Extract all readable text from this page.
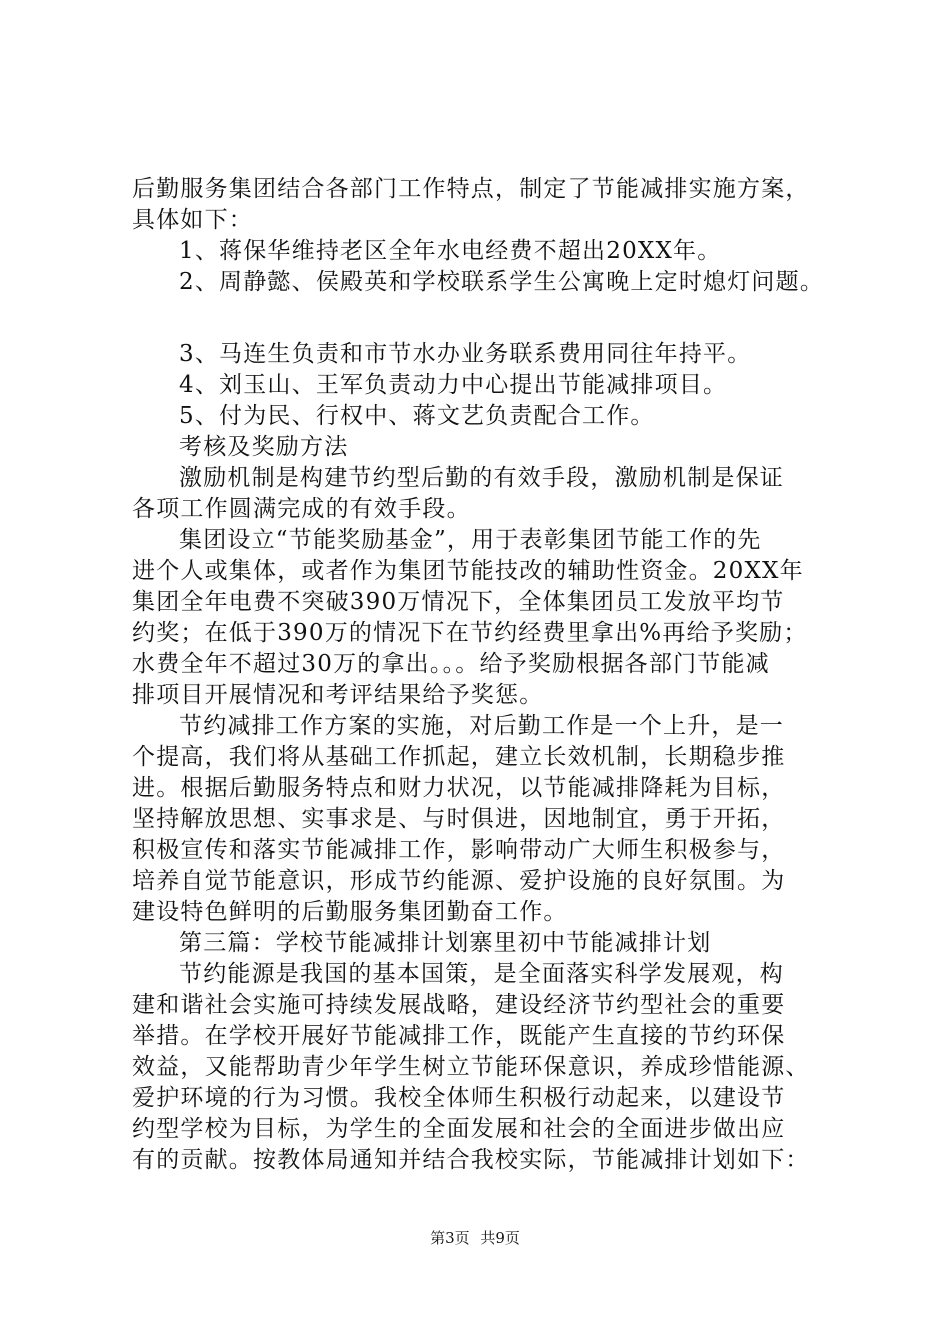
后勤服务集团结合各部门工作特点，制定了节能减排实施方案，
具体如下：
1、蒋保华维持老区全年水电经费不超出20XX年。
2、周静懿、侯殿英和学校联系学生公寓晚上定时熄灯问题。
3、马连生负责和市节水办业务联系费用同往年持平。
4、刘玉山、王军负责动力中心提出节能减排项目。
5、付为民、行权中、蒋文艺负责配合工作。
考核及奖励方法
激励机制是构建节约型后勤的有效手段，激励机制是保证
各项工作圆满完成的有效手段。
集团设立“节能奖励基金”，用于表彰集团节能工作的先
进个人或集体，或者作为集团节能技改的辅助性资金。20XX年
集团全年电费不突破390万情况下，全体集团员工发放平均节
约奖；在低于390万的情况下在节约经费里拿出%再给予奖励；
水费全年不超过30万的拿出。。。给予奖励根据各部门节能减
排项目开展情况和考评结果给予奖惩。
节约减排工作方案的实施，对后勤工作是一个上升，是一
个提高，我们将从基础工作抓起，建立长效机制，长期稳步推
进。根据后勤服务特点和财力状况，以节能减排降耗为目标，
坚持解放思想、实事求是、与时俱进，因地制宜，勇于开拓，
积极宣传和落实节能减排工作，影响带动广大师生积极参与，
培养自觉节能意识，形成节约能源、爱护设施的良好氛围。为
建设特色鲜明的后勤服务集团勤奋工作。
第三篇：学校节能减排计划寨里初中节能减排计划
节约能源是我国的基本国策，是全面落实科学发展观，构
建和谐社会实施可持续发展战略，建设经济节约型社会的重要
举措。在学校开展好节能减排工作，既能产生直接的节约环保
效益，又能帮助青少年学生树立节能环保意识，养成珍惜能源、
爱护环境的行为习惯。我校全体师生积极行动起来，以建设节
约型学校为目标，为学生的全面发展和社会的全面进步做出应
有的贡献。按教体局通知并结合我校实际，节能减排计划如下：
第3页 共9页
